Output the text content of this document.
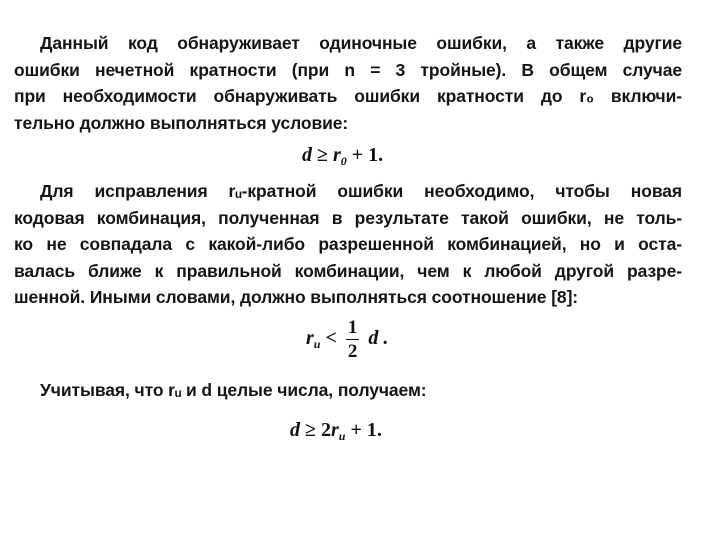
Данный код обнаруживает одиночные ошибки, а также другие
ошибки нечетной кратности (при n = 3 тройные). В общем случае
при необходимости обнаруживать ошибки кратности до r₀ включи-
тельно должно выполняться условие:
$d \ge r_0 + 1$.
Для исправления rᵤ-кратной ошибки необходимо, чтобы новая
кодовая комбинация, полученная в результате такой ошибки, не толь-
ко не совпадала с какой-либо разрешенной комбинацией, но и оста-
валась ближе к правильной комбинации, чем к любой другой разре-
шенной. Иными словами, должно выполняться соотношение [8]:
$r_и < \frac{1}{2}$ d .
Учитывая, что rᵤ и d целые числа, получаем:
$d \ge 2r_и + 1$.
